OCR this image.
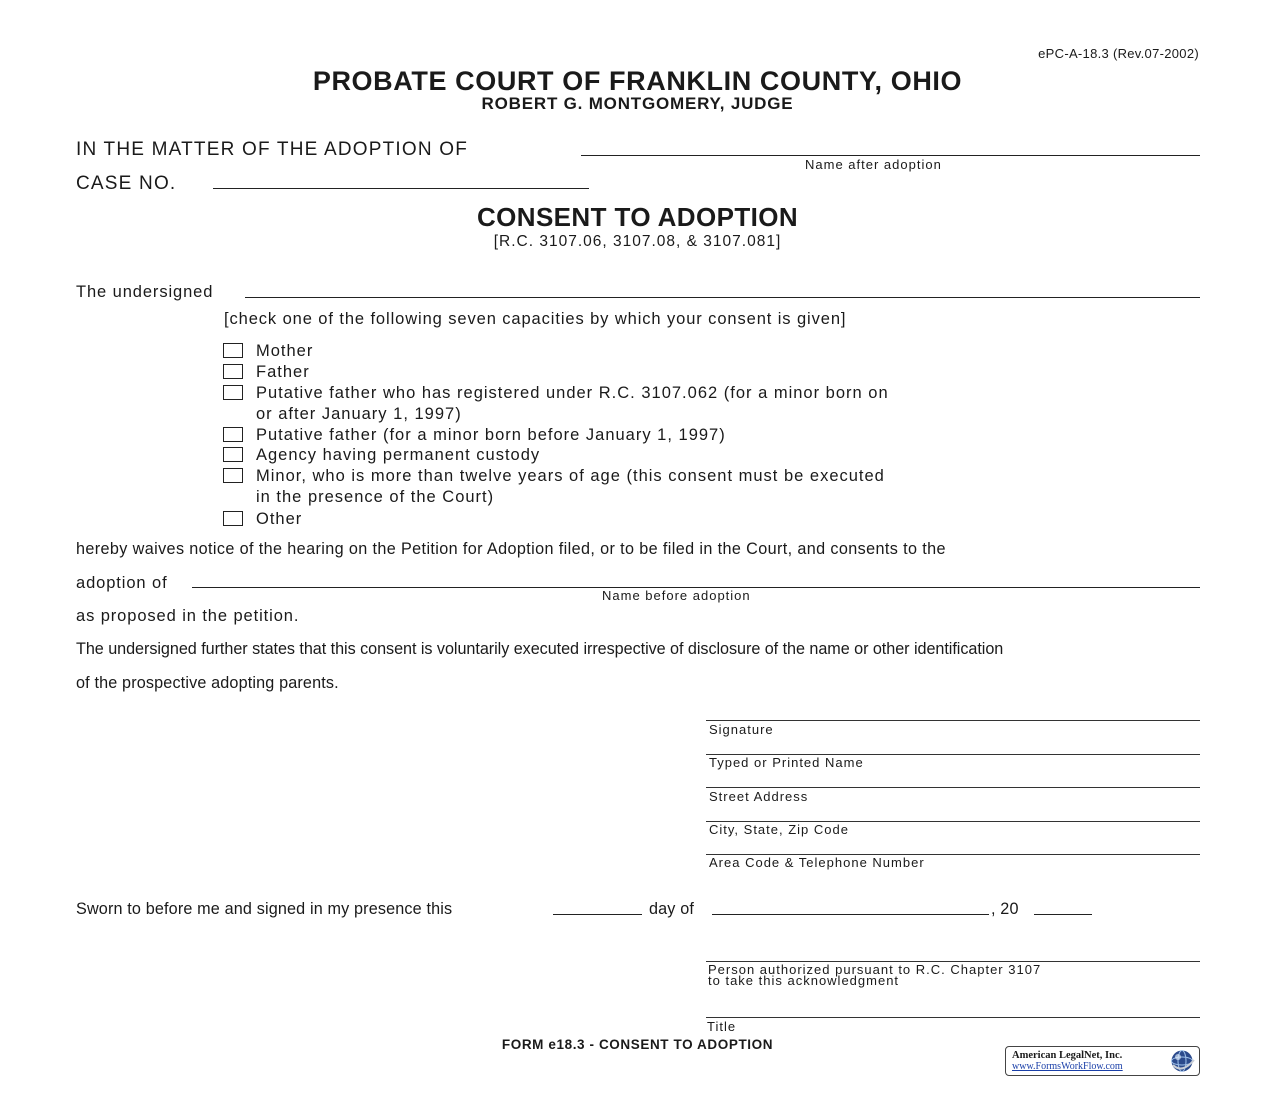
ePC-A-18.3 (Rev.07-2002)
PROBATE COURT OF FRANKLIN COUNTY, OHIO
ROBERT G. MONTGOMERY, JUDGE
IN THE MATTER OF THE ADOPTION OF
Name after adoption
CASE NO.
CONSENT TO ADOPTION
[R.C. 3107.06, 3107.08, & 3107.081]
The undersigned
[check one of the following seven capacities by which your consent is given]
Mother
Father
Putative father who has registered under R.C. 3107.062 (for a minor born on
or after January 1, 1997)
Putative father (for a minor born before January 1, 1997)
Agency having permanent custody
Minor, who is more than twelve years of age (this consent must be executed
in the presence of the Court)
Other
hereby waives notice of the hearing on the Petition for Adoption filed, or to be filed in the Court, and consents to the
adoption of
Name before adoption
as proposed in the petition.
The undersigned further states that this consent is voluntarily executed irrespective of disclosure of the name or other identification
of the prospective adopting parents.
Signature
Typed or Printed Name
Street Address
City, State, Zip Code
Area Code & Telephone Number
Sworn to before me and signed in my presence this	day of	, 20
Person authorized pursuant to R.C. Chapter 3107
to take this acknowledgment
Title
FORM e18.3 - CONSENT TO ADOPTION
American LegalNet, Inc.
www.FormsWorkFlow.com
